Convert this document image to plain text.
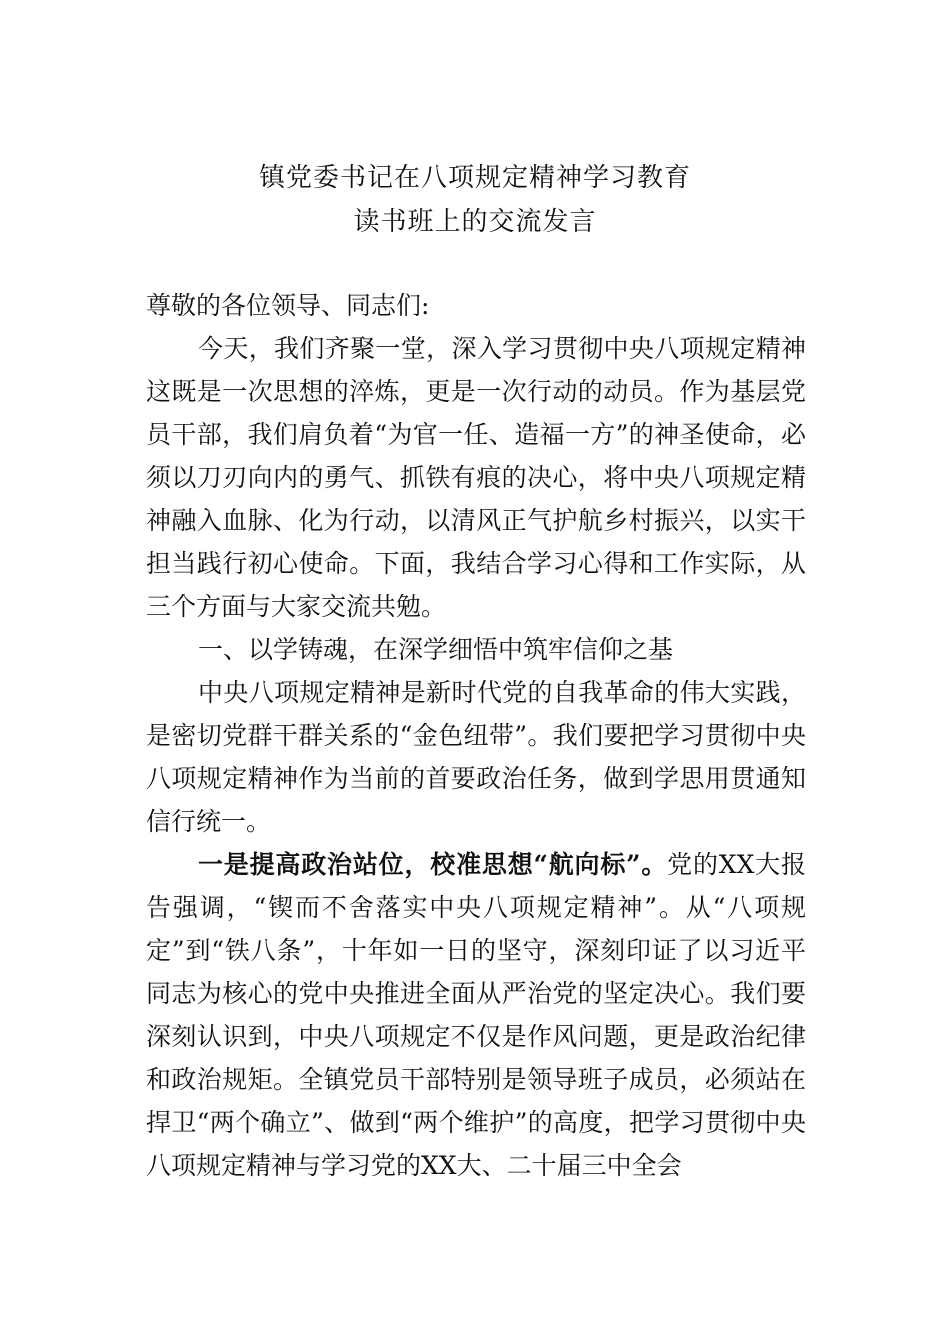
镇党委书记在八项规定精神学习教育
读书班上的交流发言

尊敬的各位领导、同志们:

今天，我们齐聚一堂，深入学习贯彻中央八项规定精神这既是一次思想的淬炼，更是一次行动的动员。作为基层党员干部，我们肩负着“为官一任、造福一方”的神圣使命，必须以刀刃向内的勇气、抓铁有痕的决心，将中央八项规定精神融入血脉、化为行动，以清风正气护航乡村振兴，以实干担当践行初心使命。下面，我结合学习心得和工作实际，从三个方面与大家交流共勉。

一、以学铸魂，在深学细悟中筑牢信仰之基

中央八项规定精神是新时代党的自我革命的伟大实践，是密切党群干群关系的“金色纽带”。我们要把学习贯彻中央八项规定精神作为当前的首要政治任务，做到学思用贯通知信行统一。

一是提高政治站位，校准思想“航向标”。党的XX大报告强调，“锲而不舍落实中央八项规定精神”。从“八项规定”到“铁八条”，十年如一日的坚守，深刻印证了以习近平同志为核心的党中央推进全面从严治党的坚定决心。我们要深刻认识到，中央八项规定不仅是作风问题，更是政治纪律和政治规矩。全镇党员干部特别是领导班子成员，必须站在捍卫“两个确立”、做到“两个维护”的高度，把学习贯彻中央八项规定精神与学习党的XX大、二十届三中全会
